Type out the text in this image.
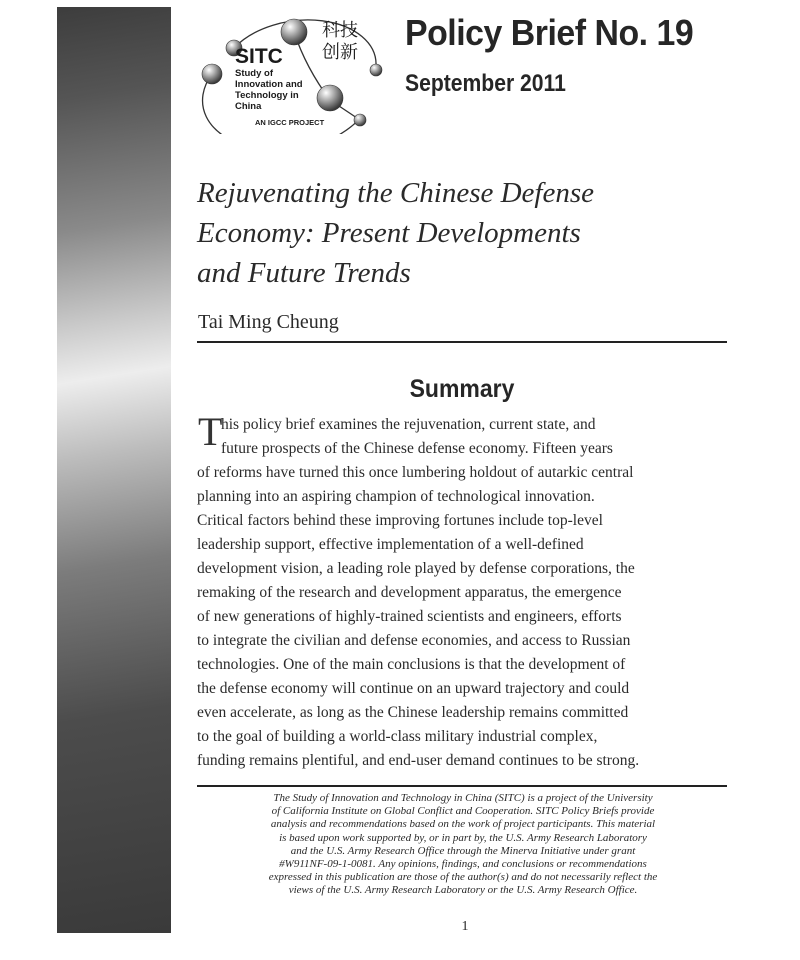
SITC
Study of
Innovation and
Technology in
China
AN IGCC PROJECT
科技
创新 Policy Brief No. 19
September 2011
Rejuvenating the Chinese Defense
Economy: Present Developments
and Future Trends
Tai Ming Cheung
Summary
T
his policy brief examines the rejuvenation, current state, and
future prospects of the Chinese defense economy. Fifteen years
of reforms have turned this once lumbering holdout of autarkic central
planning into an aspiring champion of technological innovation.
Critical factors behind these improving fortunes include top-level
leadership support, effective implementation of a well-defined
development vision, a leading role played by defense corporations, the
remaking of the research and development apparatus, the emergence
of new generations of highly-trained scientists and engineers, efforts
to integrate the civilian and defense economies, and access to Russian
technologies. One of the main conclusions is that the development of
the defense economy will continue on an upward trajectory and could
even accelerate, as long as the Chinese leadership remains committed
to the goal of building a world-class military industrial complex,
funding remains plentiful, and end-user demand continues to be strong.
The Study of Innovation and Technology in China (SITC) is a project of the University
of California Institute on Global Conflict and Cooperation. SITC Policy Briefs provide
analysis and recommendations based on the work of project participants. This material
is based upon work supported by, or in part by, the U.S. Army Research Laboratory
and the U.S. Army Research Office through the Minerva Initiative under grant
#W911NF-09-1-0081. Any opinions, findings, and conclusions or recommendations
expressed in this publication are those of the author(s) and do not necessarily reflect the
views of the U.S. Army Research Laboratory or the U.S. Army Research Office.
1
